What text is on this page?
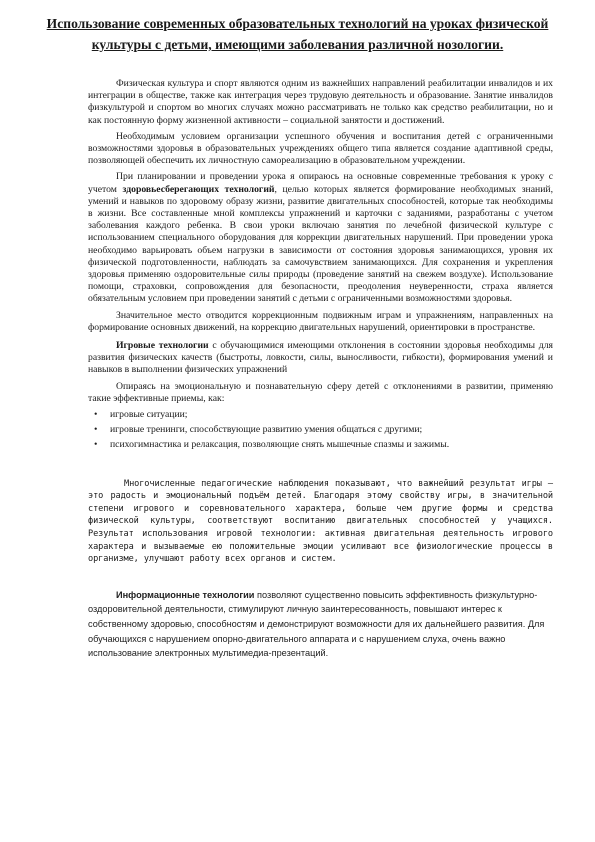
Использование современных образовательных технологий на уроках физической культуры с детьми, имеющими заболевания различной нозологии.

Физическая культура и спорт являются одним из важнейших направлений реабилитации инвалидов и их интеграции в обществе, также как интеграция через трудовую деятельность и образование. Занятие инвалидов физкультурой и спортом во многих случаях можно рассматривать не только как средство реабилитации, но и как постоянную форму жизненной активности – социальной занятости и достижений.

Необходимым условием организации успешного обучения и воспитания детей с ограниченными возможностями здоровья в образовательных учреждениях общего типа является создание адаптивной среды, позволяющей обеспечить их личностную самореализацию в образовательном учреждении.

При планировании и проведении урока я опираюсь на основные современные требования к уроку с учетом здоровьесберегающих технологий, целью которых является формирование необходимых знаний, умений и навыков по здоровому образу жизни, развитие двигательных способностей, которые так необходимы в жизни. Все составленные мной комплексы упражнений и карточки с заданиями, разработаны с учетом заболевания каждого ребенка. В свои уроки включаю занятия по лечебной физической культуре с использованием специального оборудования для коррекции двигательных нарушений. При проведении урока необходимо варьировать объем нагрузки в зависимости от состояния здоровья занимающихся, уровня их физической подготовленности, наблюдать за самочувствием занимающихся. Для сохранения и укрепления здоровья применяю оздоровительные силы природы (проведение занятий на свежем воздухе). Использование помощи, страховки, сопровождения для безопасности, преодоления неуверенности, страха является обязательным условием при проведении занятий с детьми с ограниченными возможностями здоровья.

Значительное место отводится коррекционным подвижным играм и упражнениям, направленных на формирование основных движений, на коррекцию двигательных нарушений, ориентировки в пространстве.

Игровые технологии с обучающимися имеющими отклонения в состоянии здоровья необходимы для развития физических качеств (быстроты, ловкости, силы, выносливости, гибкости), формирования умений и навыков в выполнении физических упражнений

Опираясь на эмоциональную и познавательную сферу детей с отклонениями в развитии, применяю такие эффективные приемы, как:

• игровые ситуации;
• игровые тренинги, способствующие развитию умения общаться с другими;
• психогимнастика и релаксация, позволяющие снять мышечные спазмы и зажимы.

Многочисленные педагогические наблюдения показывают, что важнейший результат игры — это радость и эмоциональный подъём детей. Благодаря этому свойству игры, в значительной степени игрового и соревновательного характера, больше чем другие формы и средства физической культуры, соответствуют воспитанию двигательных способностей у учащихся. Результат использования игровой технологии: активная двигательная деятельность игрового характера и вызываемые ею положительные эмоции усиливают все физиологические процессы в организме, улучшают работу всех органов и систем.

Информационные технологии позволяют существенно повысить эффективность физкультурно-оздоровительной деятельности, стимулируют личную заинтересованность, повышают интерес к собственному здоровью, способностям и демонстрируют возможности для их дальнейшего развития. Для обучающихся с нарушением опорно-двигательного аппарата и с нарушением слуха, очень важно использование электронных мультимедиа-презентаций.
